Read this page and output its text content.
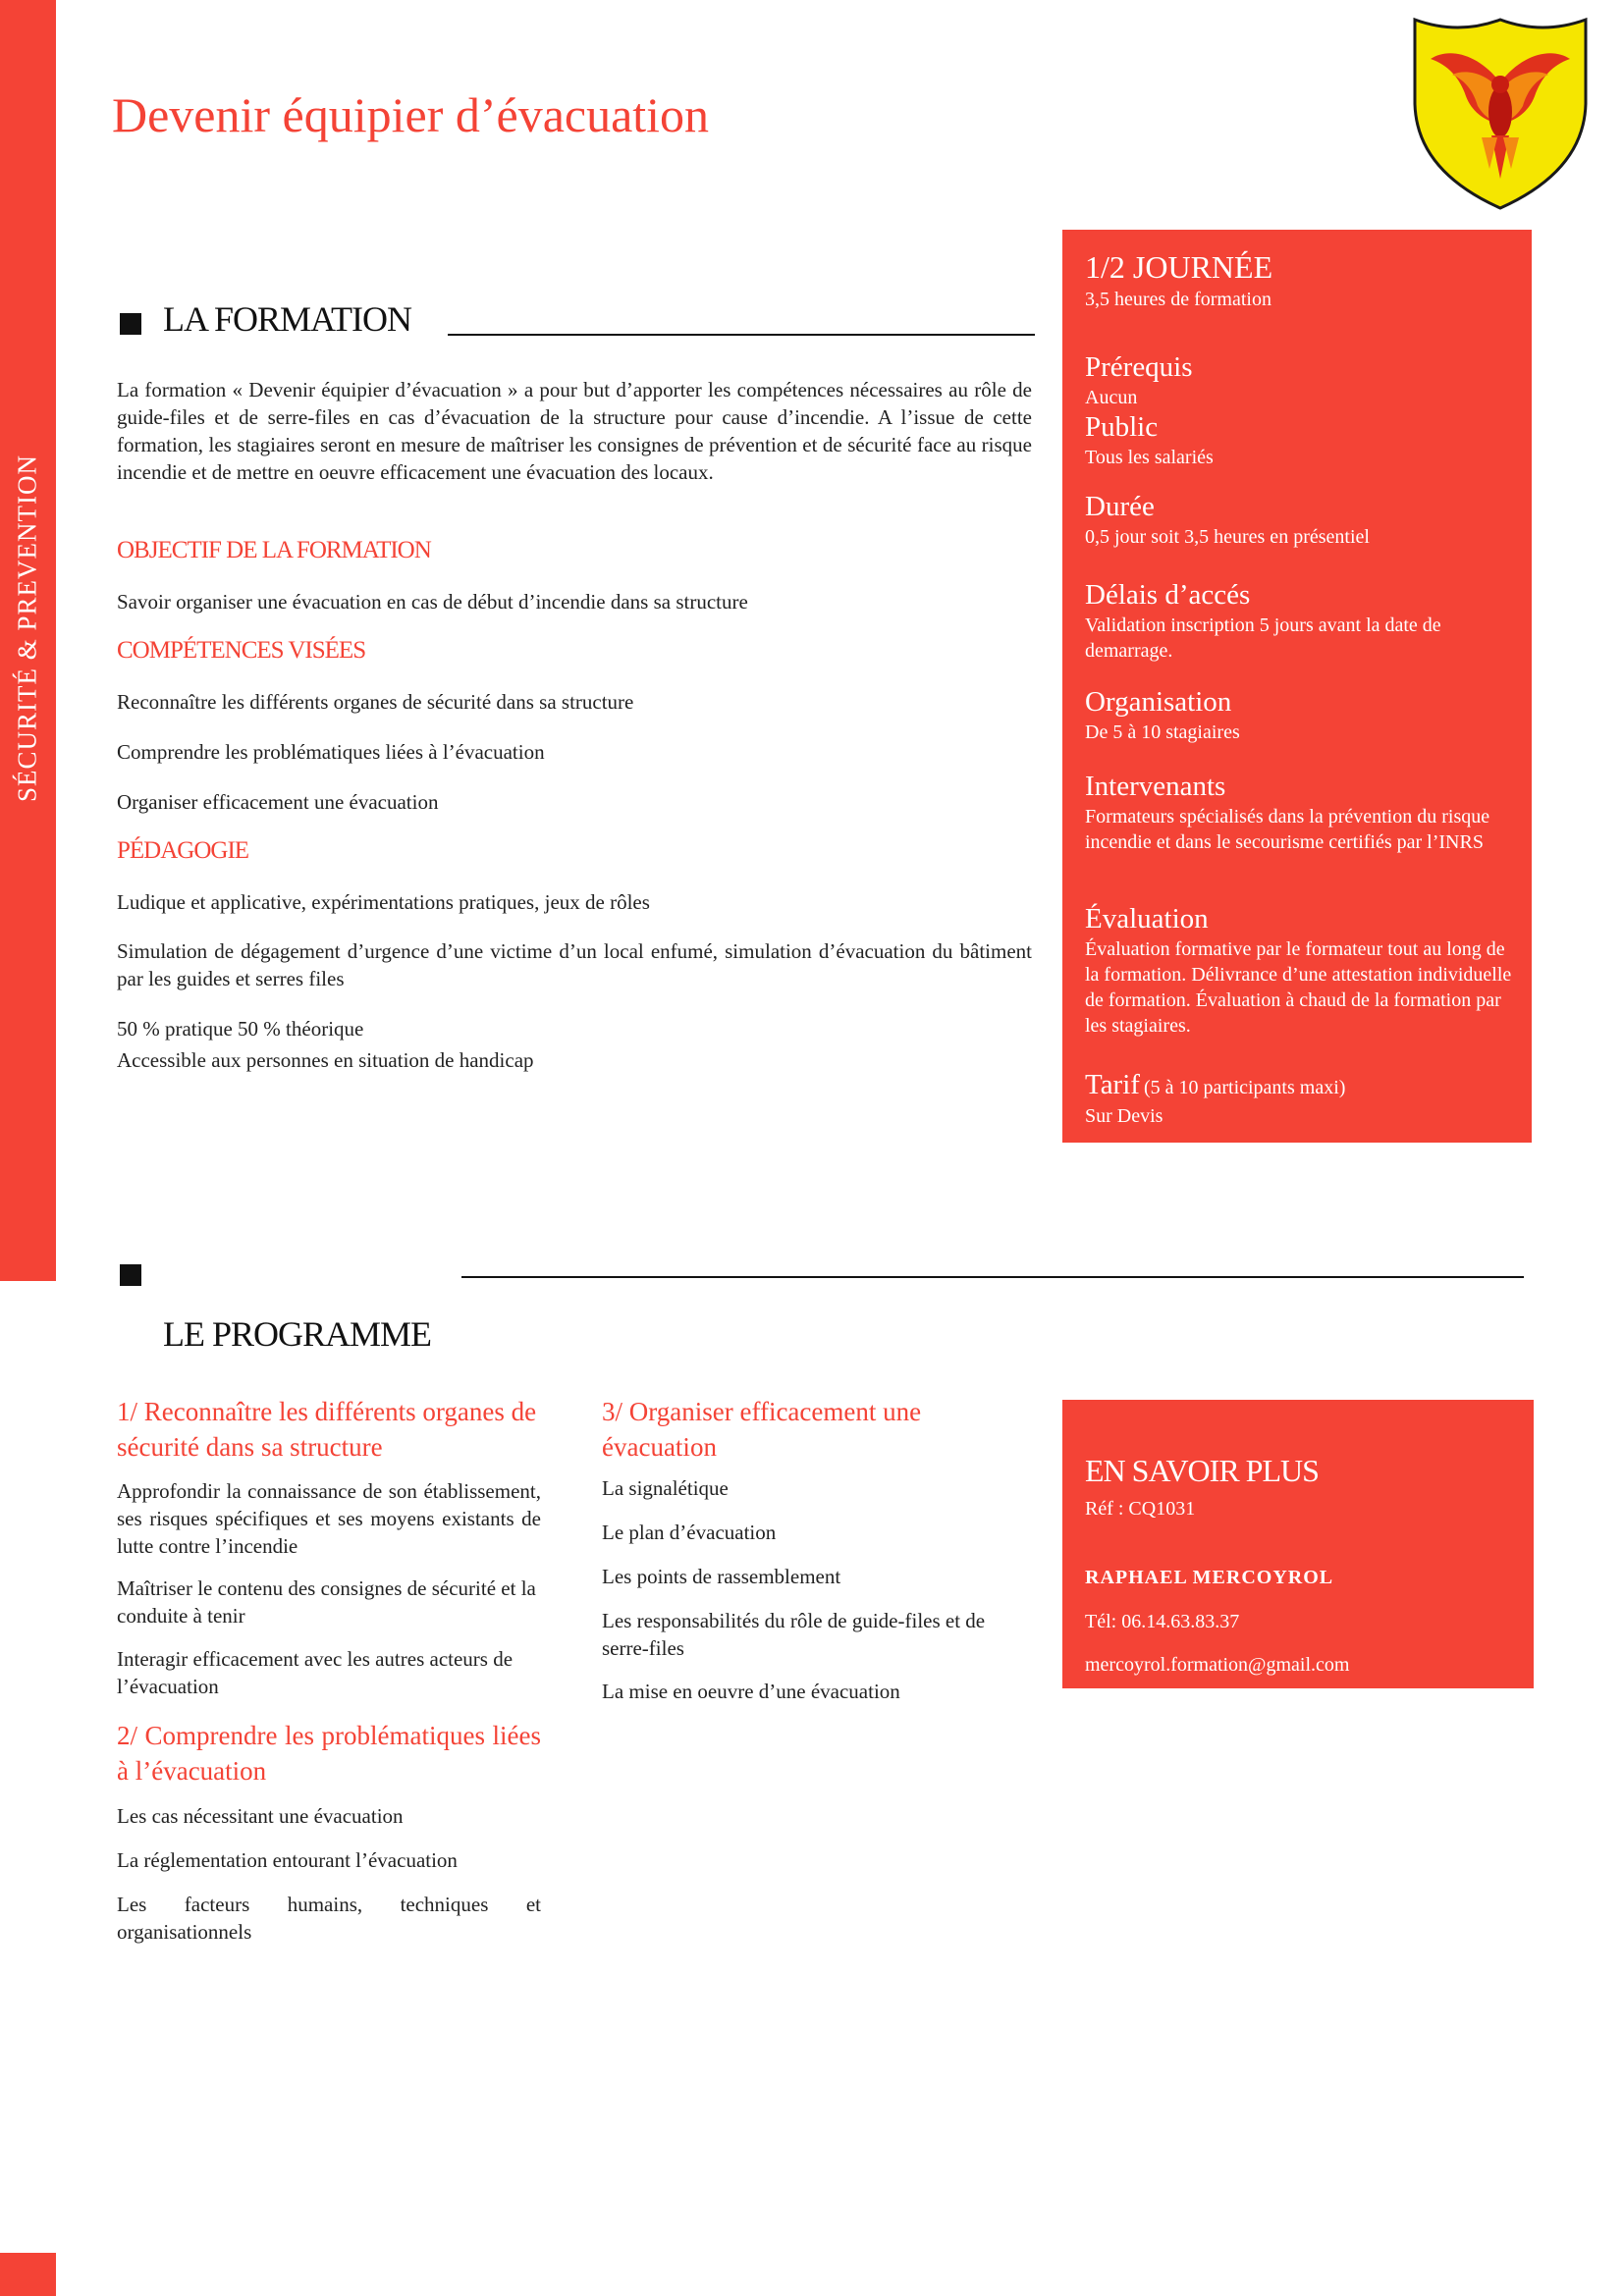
SÉCURITÉ & PREVENTION
Devenir équipier d’évacuation
LA FORMATION
La formation « Devenir équipier d’évacuation » a pour but d’apporter les compétences nécessaires au rôle de guide-files et de serre-files en cas d’évacuation de la structure pour cause d’incendie. A l’issue de cette formation, les stagiaires seront en mesure de maîtriser les consignes de prévention et de sécurité face au risque incendie et de mettre en oeuvre efficacement une évacuation des locaux.
OBJECTIF DE LA FORMATION
Savoir organiser une évacuation en cas de début d’incendie dans sa structure
COMPÉTENCES VISÉES
Reconnaître les différents organes de sécurité dans sa structure
Comprendre les problématiques liées à l’évacuation
Organiser efficacement une évacuation
PÉDAGOGIE
Ludique et applicative, expérimentations pratiques, jeux de rôles
Simulation de dégagement d’urgence d’une victime d’un local enfumé, simulation d’évacuation du bâtiment par les guides et serres files
50 % pratique 50 % théorique
Accessible aux personnes en situation de handicap
1/2 JOURNÉE
3,5 heures de formation
Prérequis
Aucun
Public
Tous les salariés
Durée
0,5 jour soit 3,5 heures en présentiel
Délais d’accés
Validation inscription 5 jours avant la date de demarrage.
Organisation
De 5 à 10 stagiaires
Intervenants
Formateurs spécialisés dans la prévention du risque incendie et dans le secourisme certifiés par l’INRS
Évaluation
Évaluation formative par le formateur tout au long de la formation. Délivrance d’une attestation individuelle de formation. Évaluation à chaud de la formation par les stagiaires.
Tarif (5 à 10 participants maxi)
Sur Devis
LE PROGRAMME
1/ Reconnaître les différents organes de sécurité dans sa structure
Approfondir la connaissance de son établissement, ses risques spécifiques et ses moyens existants de lutte contre l’incendie
Maîtriser le contenu des consignes de sécurité et la conduite à tenir
Interagir efficacement avec les autres acteurs de l’évacuation
2/ Comprendre les problématiques liées à l’évacuation
Les cas nécessitant une évacuation
La réglementation entourant l’évacuation
Les facteurs humains, techniques et organisationnels
3/ Organiser efficacement une évacuation
La signalétique
Le plan d’évacuation
Les points de rassemblement
Les responsabilités du rôle de guide-files et de serre-files
La mise en oeuvre d’une évacuation
EN SAVOIR PLUS
Réf : CQ1031
RAPHAEL MERCOYROL
Tél: 06.14.63.83.37
mercoyrol.formation@gmail.com
